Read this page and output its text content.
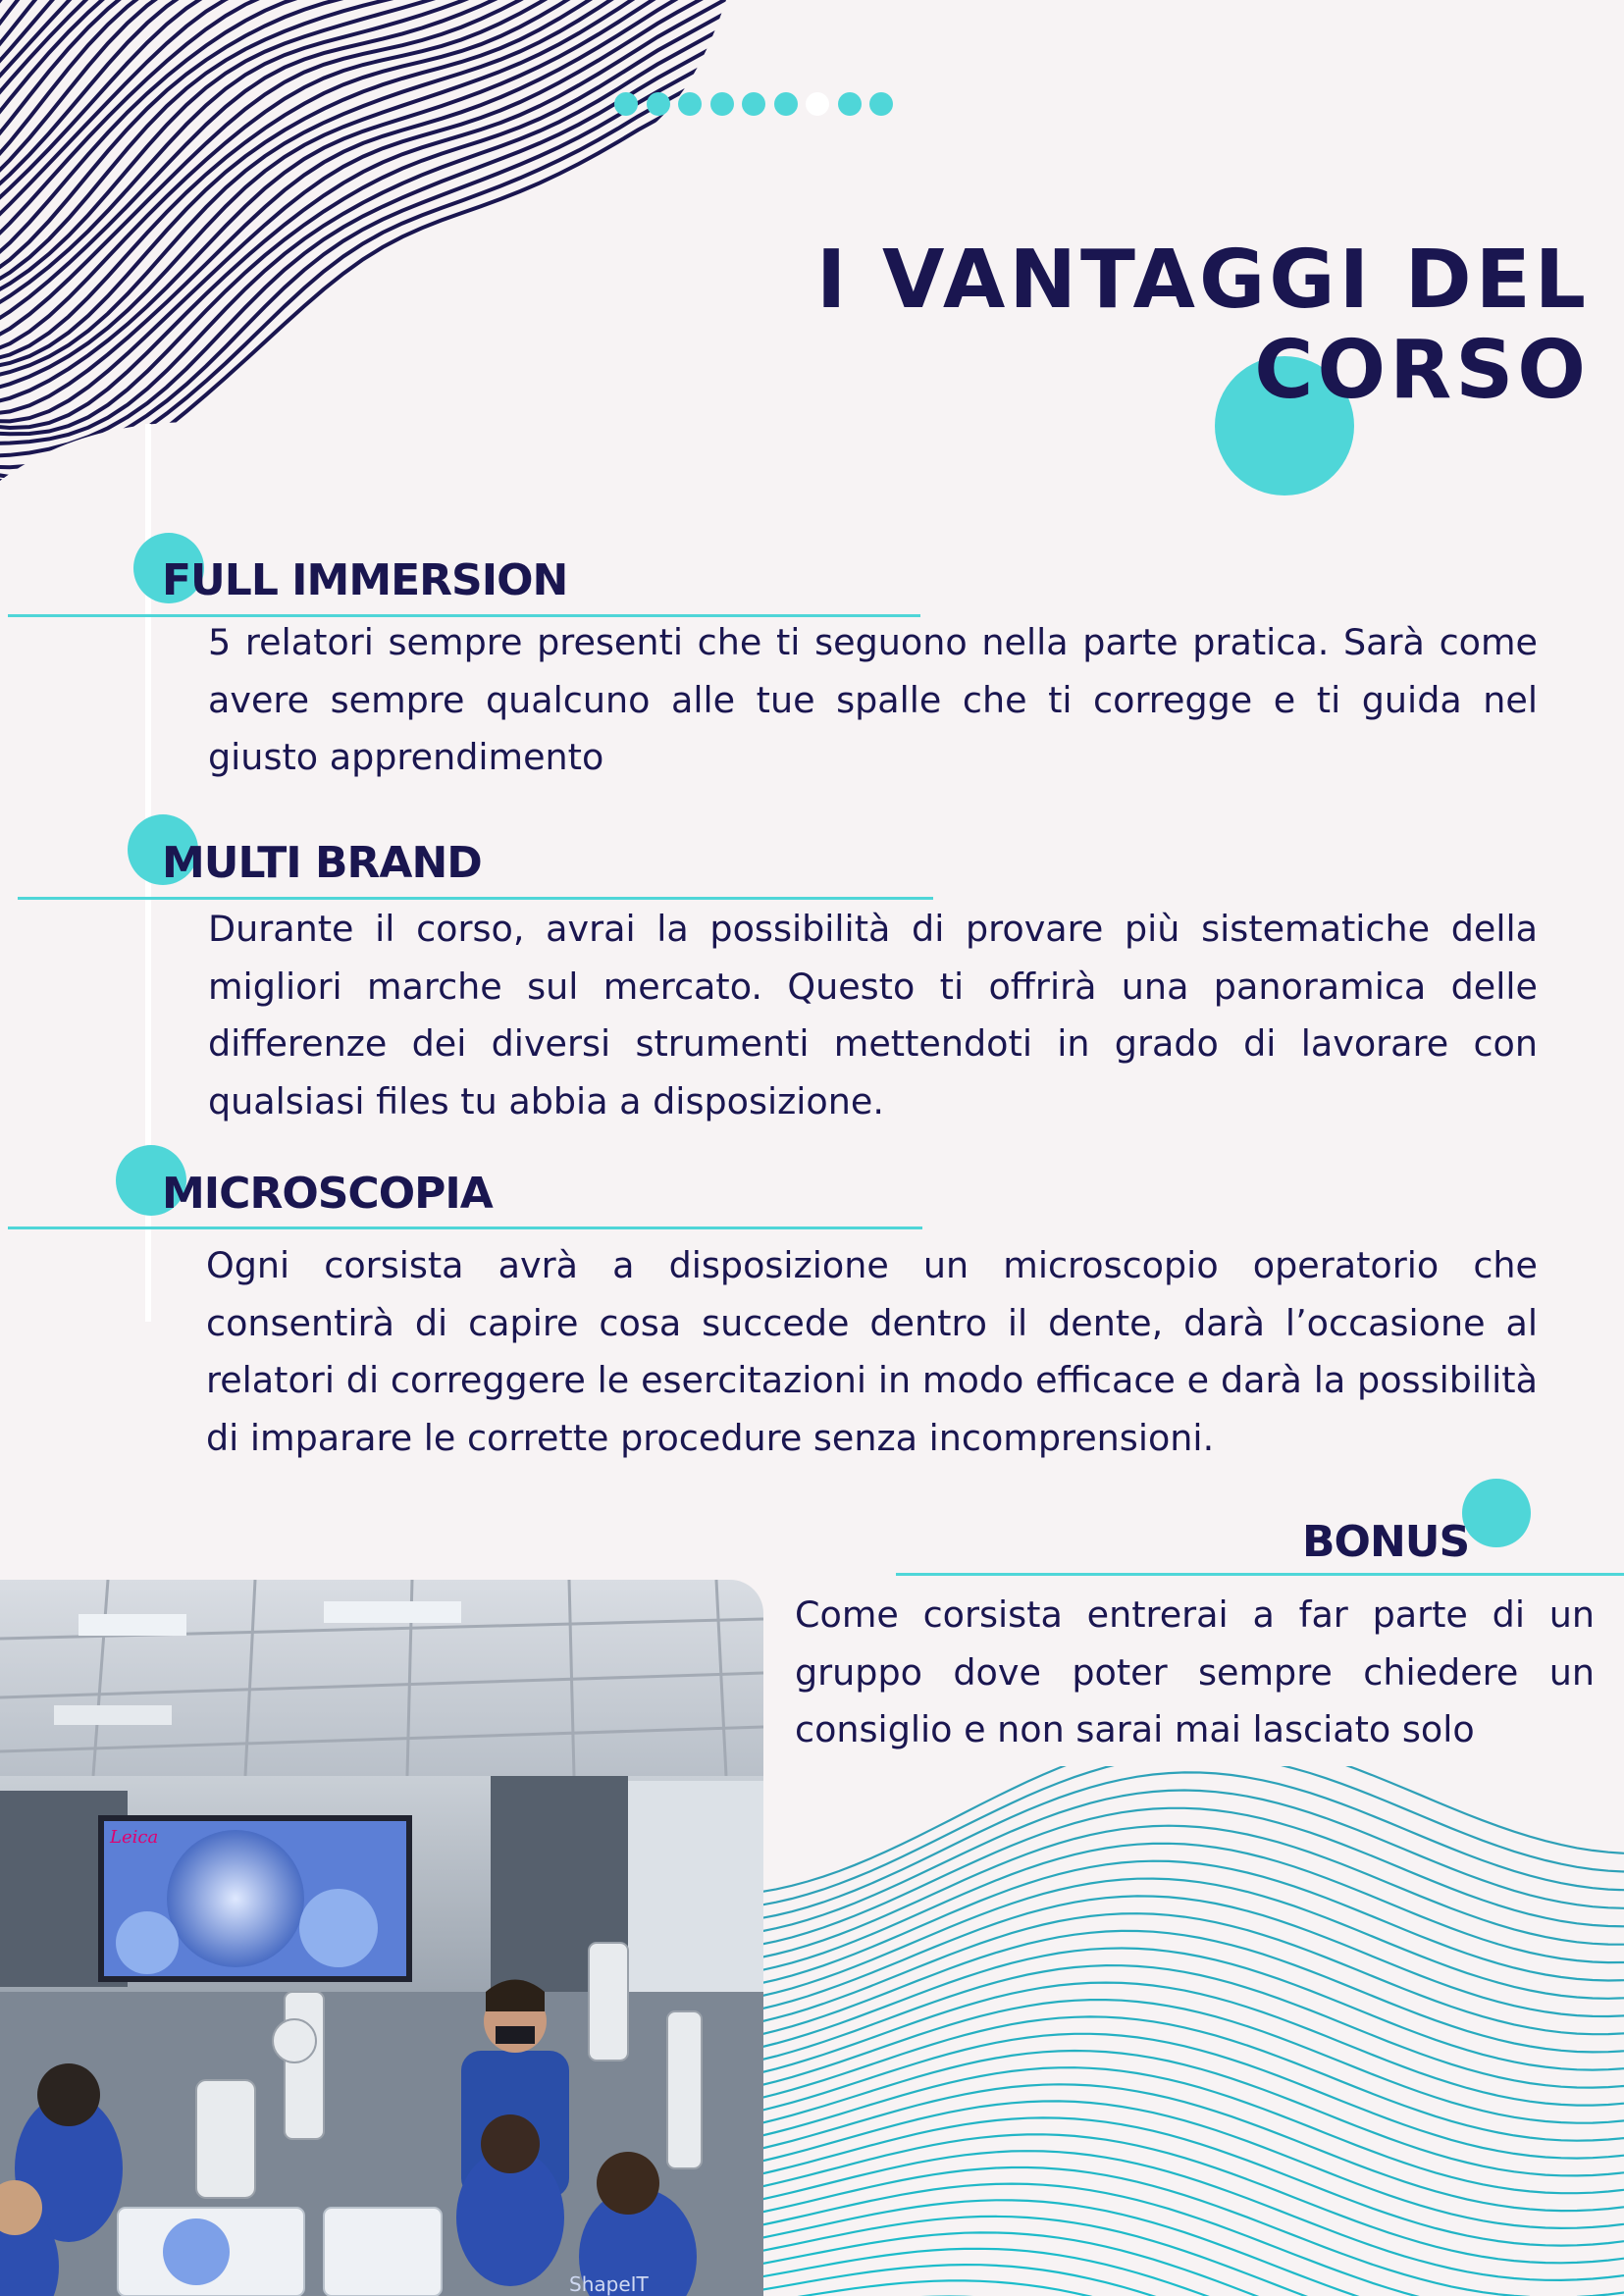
I VANTAGGI DEL
CORSO
FULL IMMERSION
5 relatori sempre presenti che ti seguono nella parte pratica. Sarà come avere sempre qualcuno alle tue spalle che ti corregge e ti guida nel giusto apprendimento
MULTI BRAND
Durante il corso, avrai la possibilità di provare più sistematiche della migliori marche sul mercato. Questo ti offrirà una panoramica delle differenze dei diversi strumenti mettendoti in grado di lavorare con qualsiasi files tu abbia a disposizione.
MICROSCOPIA
Ogni corsista avrà a disposizione un microscopio operatorio che consentirà di capire cosa succede dentro il dente, darà l’occasione al relatori di correggere le esercitazioni in modo efficace e darà la possibilità di imparare le corrette procedure senza incomprensioni.
BONUS
Come corsista entrerai a far parte di un gruppo dove poter sempre chiedere un consiglio e non sarai mai lasciato solo
Leica
ShapeIT
